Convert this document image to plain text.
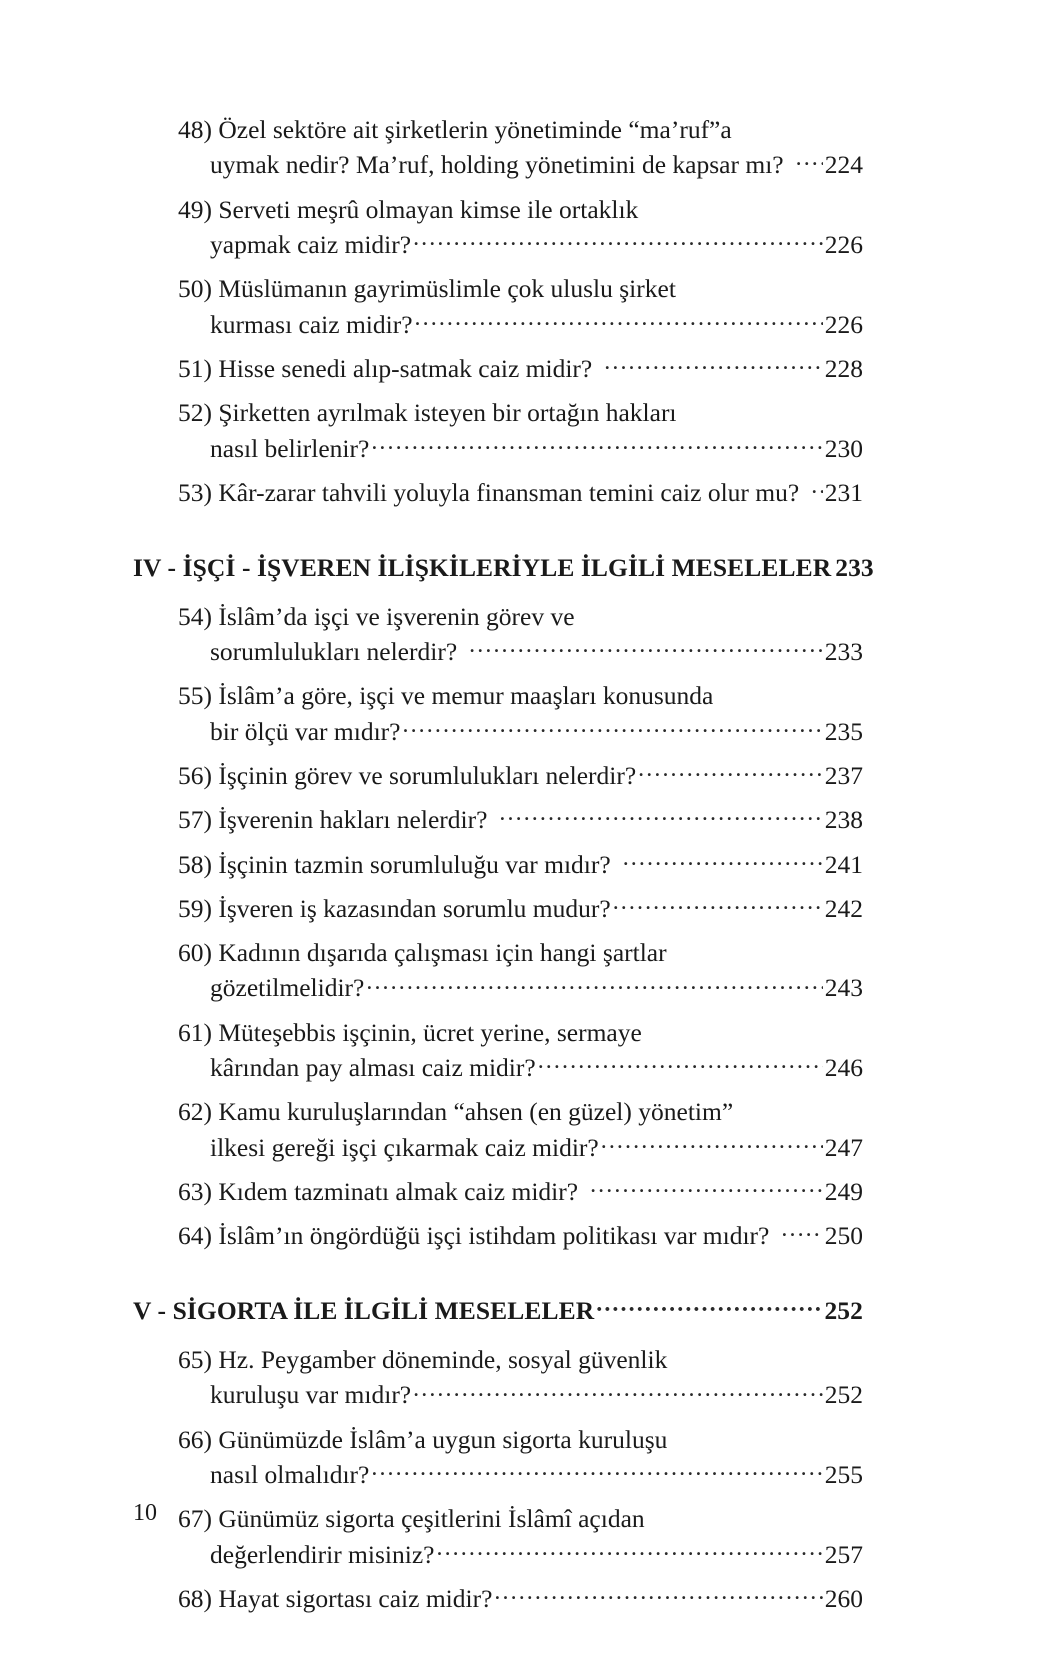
48) Özel sektöre ait şirketlerin yönetiminde “ma’ruf”a
uymak nedir? Ma’ruf, holding yönetimini de kapsar mı? ..... 224
49) Serveti meşrû olmayan kimse ile ortaklık
yapmak caiz midir? .....	226
50) Müslümanın gayrimüslimle çok uluslu şirket
kurması caiz midir? .....	226
51) Hisse senedi alıp-satmak caiz midir? .....	228
52) Şirketten ayrılmak isteyen bir ortağın hakları
nasıl belirlenir? .....	230
53) Kâr-zarar tahvili yoluyla finansman temini caiz olur mu? ..... 231
IV - İŞÇİ - İŞVEREN İLİŞKİLERİYLE İLGİLİ MESELELER 233
54) İslâm’da işçi ve işverenin görev ve
sorumlulukları nelerdir? .....	233
55) İslâm’a göre, işçi ve memur maaşları konusunda
bir ölçü var mıdır? .....	235
56) İşçinin görev ve sorumlulukları nelerdir? .....	237
57) İşverenin hakları nelerdir? .....	238
58) İşçinin tazmin sorumluluğu var mıdır? .....	241
59) İşveren iş kazasından sorumlu mudur? .....	242
60) Kadının dışarıda çalışması için hangi şartlar
gözetilmelidir? .....	243
61) Müteşebbis işçinin, ücret yerine, sermaye
kârından pay alması caiz midir? .....	246
62) Kamu kuruluşlarından “ahsen (en güzel) yönetim”
ilkesi gereği işçi çıkarmak caiz midir? .....	247
63) Kıdem tazminatı almak caiz midir? .....	249
64) İslâm’ın öngördüğü işçi istihdam politikası var mıdır? ..... 250
V - SİGORTA İLE İLGİLİ MESELELER .....	252
65) Hz. Peygamber döneminde, sosyal güvenlik
kuruluşu var mıdır? .....	252
66) Günümüzde İslâm’a uygun sigorta kuruluşu
nasıl olmalıdır? .....	255
67) Günümüz sigorta çeşitlerini İslâmî açıdan
değerlendirir misiniz? .....	257
68) Hayat sigortası caiz midir? .....	260
10
